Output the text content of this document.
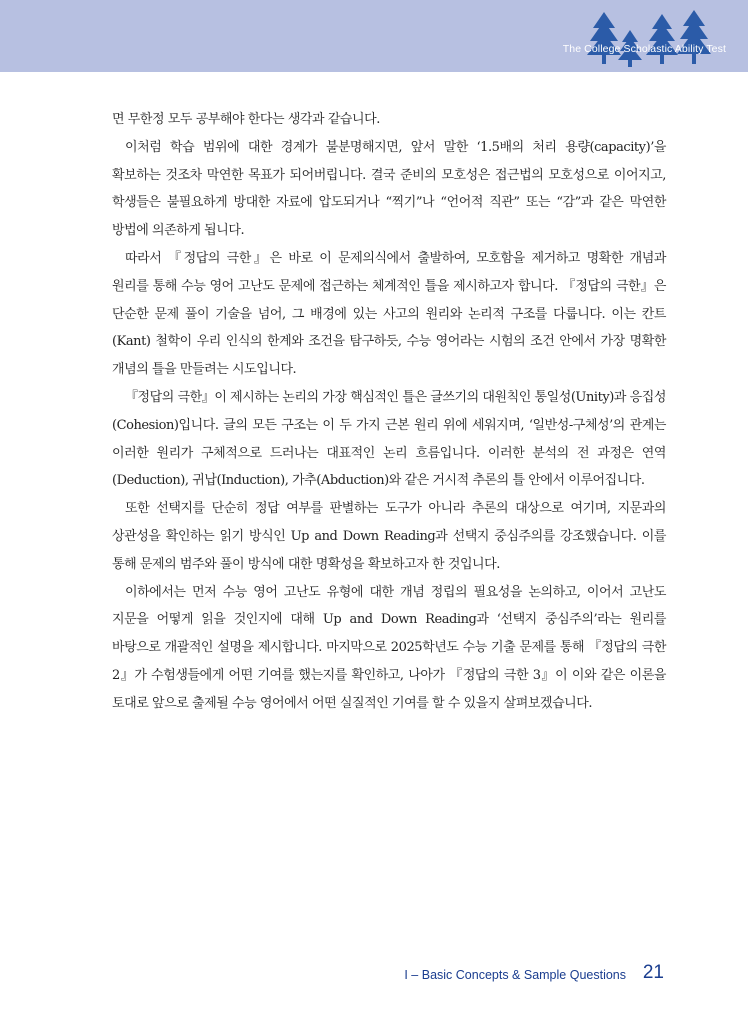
The College Scholastic Ability Test

면 무한정 모두 공부해야 한다는 생각과 같습니다.

이처럼 학습 범위에 대한 경계가 불분명해지면, 앞서 말한 ‘1.5배의 처리 용량(capacity)’을 확보하는 것조차 막연한 목표가 되어버립니다. 결국 준비의 모호성은 접근법의 모호성으로 이어지고, 학생들은 불필요하게 방대한 자료에 압도되거나 “찍기”나 “언어적 직관” 또는 “감”과 같은 막연한 방법에 의존하게 됩니다.

따라서 『정답의 극한』은 바로 이 문제의식에서 출발하여, 모호함을 제거하고 명확한 개념과 원리를 통해 수능 영어 고난도 문제에 접근하는 체계적인 틀을 제시하고자 합니다. 『정답의 극한』은 단순한 문제 풀이 기술을 넘어, 그 배경에 있는 사고의 원리와 논리적 구조를 다룹니다. 이는 칸트(Kant) 철학이 우리 인식의 한계와 조건을 탐구하듯, 수능 영어라는 시험의 조건 안에서 가장 명확한 개념의 틀을 만들려는 시도입니다.

『정답의 극한』이 제시하는 논리의 가장 핵심적인 틀은 글쓰기의 대원칙인 통일성(Unity)과 응집성(Cohesion)입니다. 글의 모든 구조는 이 두 가지 근본 원리 위에 세워지며, ‘일반성-구체성’의 관계는 이러한 원리가 구체적으로 드러나는 대표적인 논리 흐름입니다. 이러한 분석의 전 과정은 연역(Deduction), 귀납(Induction), 가추(Abduction)와 같은 거시적 추론의 틀 안에서 이루어집니다.

또한 선택지를 단순히 정답 여부를 판별하는 도구가 아니라 추론의 대상으로 여기며, 지문과의 상관성을 확인하는 읽기 방식인 Up and Down Reading과 선택지 중심주의를 강조했습니다. 이를 통해 문제의 범주와 풀이 방식에 대한 명확성을 확보하고자 한 것입니다.

이하에서는 먼저 수능 영어 고난도 유형에 대한 개념 정립의 필요성을 논의하고, 이어서 고난도 지문을 어떻게 읽을 것인지에 대해 Up and Down Reading과 ‘선택지 중심주의’라는 원리를 바탕으로 개괄적인 설명을 제시합니다. 마지막으로 2025학년도 수능 기출 문제를 통해 『정답의 극한 2』가 수험생들에게 어떤 기여를 했는지를 확인하고, 나아가 『정답의 극한 3』이 이와 같은 이론을 토대로 앞으로 출제될 수능 영어에서 어떤 실질적인 기여를 할 수 있을지 살펴보겠습니다.

I – Basic Concepts & Sample Questions 21
